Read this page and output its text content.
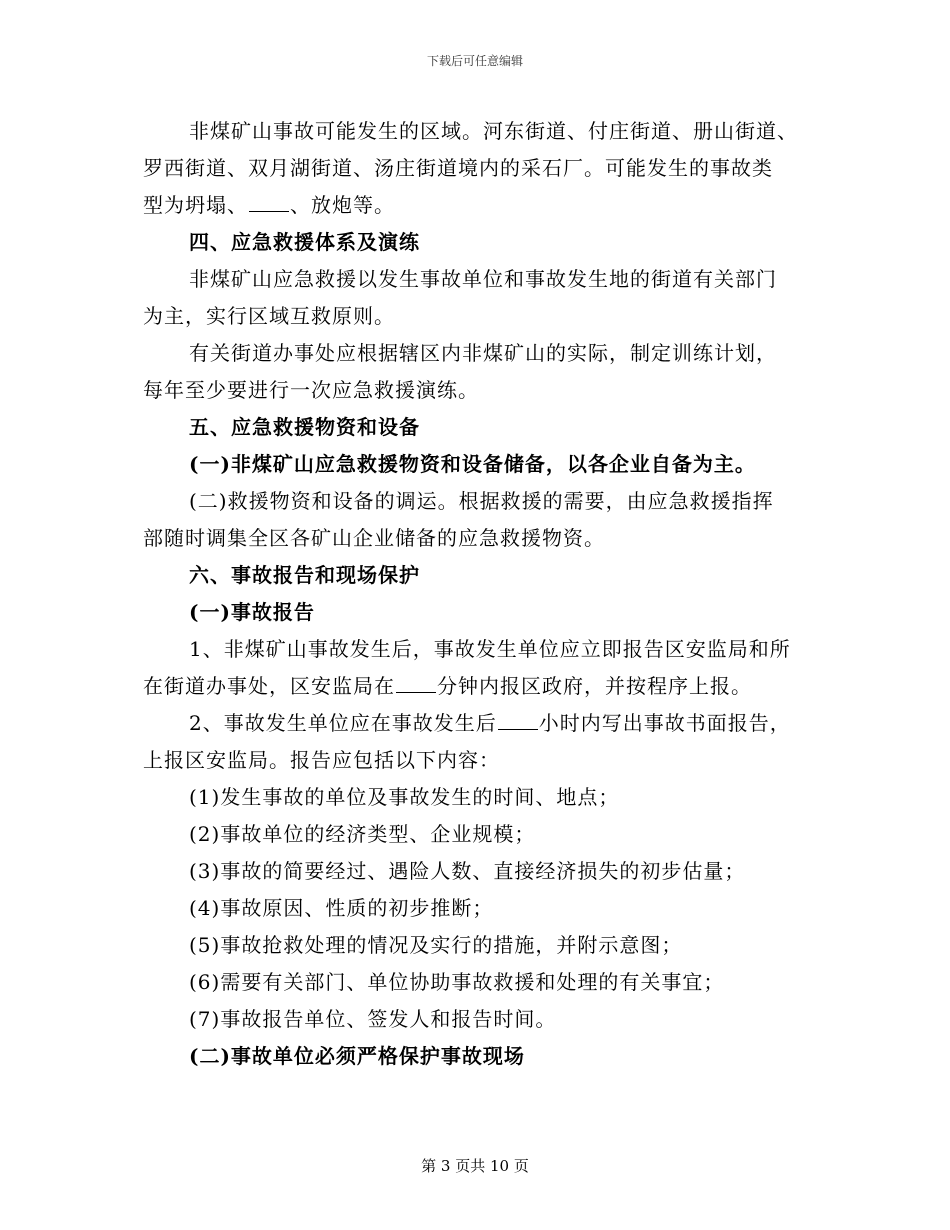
下载后可任意编辑
非煤矿山事故可能发生的区域。河东街道、付庄街道、册山街道、
罗西街道、双月湖街道、汤庄街道境内的采石厂。可能发生的事故类
型为坍塌、 、放炮等。
四、应急救援体系及演练
非煤矿山应急救援以发生事故单位和事故发生地的街道有关部门
为主，实行区域互救原则。
有关街道办事处应根据辖区内非煤矿山的实际，制定训练计划，
每年至少要进行一次应急救援演练。
五、应急救援物资和设备
(一)非煤矿山应急救援物资和设备储备，以各企业自备为主。
(二)救援物资和设备的调运。根据救援的需要，由应急救援指挥
部随时调集全区各矿山企业储备的应急救援物资。
六、事故报告和现场保护
(一)事故报告
1、非煤矿山事故发生后，事故发生单位应立即报告区安监局和所
在街道办事处，区安监局在 分钟内报区政府，并按程序上报。
2、事故发生单位应在事故发生后 小时内写出事故书面报告，
上报区安监局。报告应包括以下内容：
(1)发生事故的单位及事故发生的时间、地点；
(2)事故单位的经济类型、企业规模；
(3)事故的简要经过、遇险人数、直接经济损失的初步估量；
(4)事故原因、性质的初步推断；
(5)事故抢救处理的情况及实行的措施，并附示意图；
(6)需要有关部门、单位协助事故救援和处理的有关事宜；
(7)事故报告单位、签发人和报告时间。
(二)事故单位必须严格保护事故现场
第 3 页共 10 页
